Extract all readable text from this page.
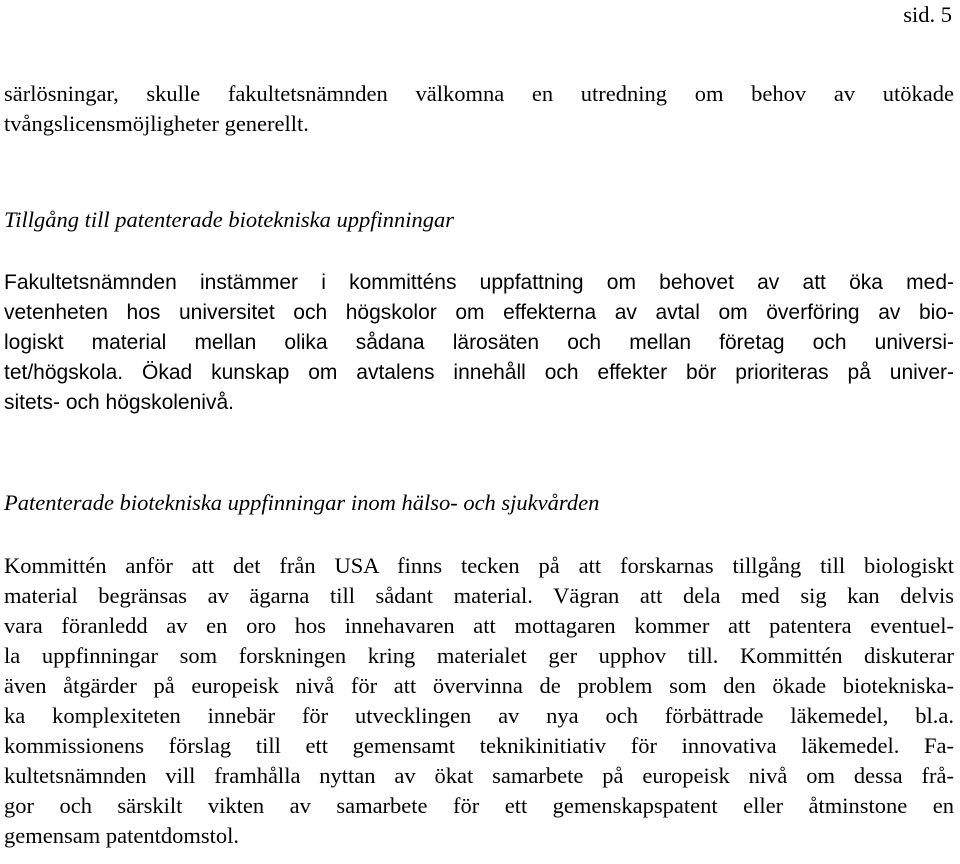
sid. 5
särlösningar, skulle fakultetsnämnden välkomna en utredning om behov av utökade
tvångslicensmöjligheter generellt.
Tillgång till patenterade biotekniska uppfinningar
Fakultetsnämnden instämmer i kommitténs uppfattning om behovet av att öka med-
vetenheten hos universitet och högskolor om effekterna av avtal om överföring av bio-
logiskt material mellan olika sådana lärosäten och mellan företag och universi-
tet/högskola. Ökad kunskap om avtalens innehåll och effekter bör prioriteras på univer-
sitets- och högskolenivå.
Patenterade biotekniska uppfinningar inom hälso- och sjukvården
Kommittén anför att det från USA finns tecken på att forskarnas tillgång till biologiskt
material begränsas av ägarna till sådant material. Vägran att dela med sig kan delvis
vara föranledd av en oro hos innehavaren att mottagaren kommer att patentera eventuel-
la uppfinningar som forskningen kring materialet ger upphov till. Kommittén diskuterar
även åtgärder på europeisk nivå för att övervinna de problem som den ökade biotekniska-
ka komplexiteten innebär för utvecklingen av nya och förbättrade läkemedel, bl.a.
kommissionens förslag till ett gemensamt teknikinitiativ för innovativa läkemedel. Fa-
kultetsnämnden vill framhålla nyttan av ökat samarbete på europeisk nivå om dessa frå-
gor och särskilt vikten av samarbete för ett gemenskapspatent eller åtminstone en
gemensam patentdomstol.
